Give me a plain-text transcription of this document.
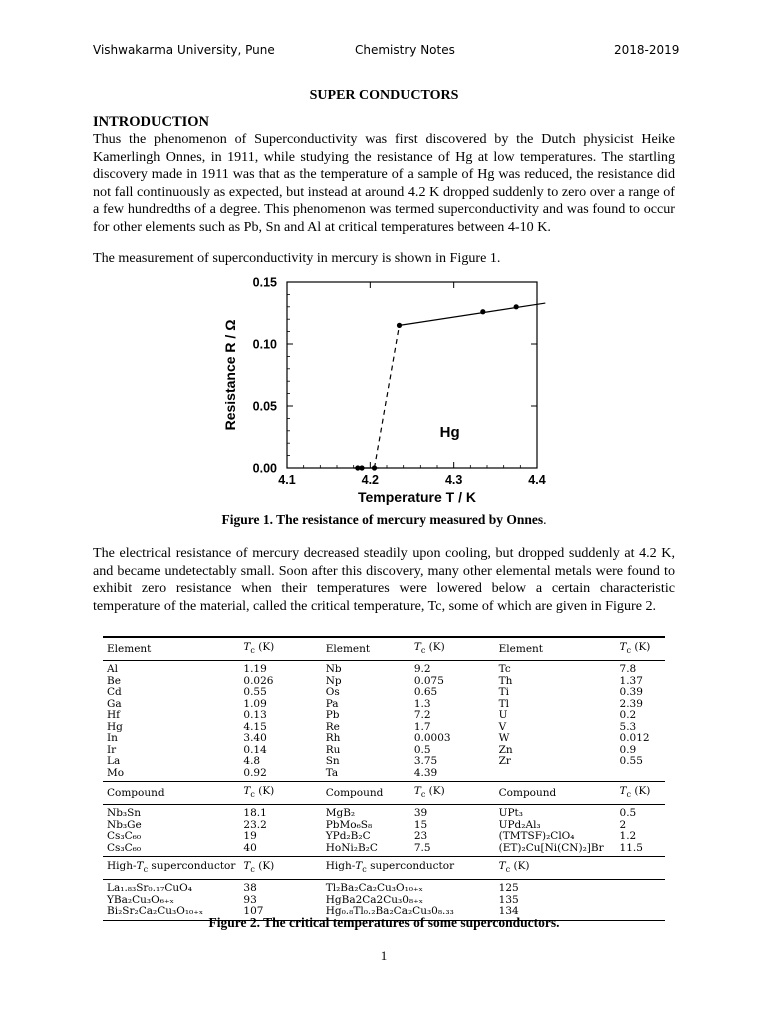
Vishwakarma University, Pune	Chemistry Notes	2018-2019
SUPER CONDUCTORS
INTRODUCTION
Thus the phenomenon of Superconductivity was first discovered by the Dutch physicist Heike Kamerlingh Onnes, in 1911, while studying the resistance of Hg at low temperatures. The startling discovery made in 1911 was that as the temperature of a sample of Hg was reduced, the resistance did not fall continuously as expected, but instead at around 4.2 K dropped suddenly to zero over a range of a few hundredths of a degree. This phenomenon was termed superconductivity and was found to occur for other elements such as Pb, Sn and Al at critical temperatures between 4-10 K.
The measurement of superconductivity in mercury is shown in Figure 1.
4.1	4.2	4.3	4.4
0.00
0.05
0.10
0.15
Temperature T / K
Resistance R / Ω
Hg
Figure 1. The resistance of mercury measured by Onnes.
The electrical resistance of mercury decreased steadily upon cooling, but dropped suddenly at 4.2 K, and became undetectably small. Soon after this discovery, many other elemental metals were found to exhibit zero resistance when their temperatures were lowered below a certain characteristic temperature of the material, called the critical temperature, Tc, some of which are given in Figure 2.
Element	$T_c$ (K)	Element	$T_c$ (K)	Element	$T_c$ (K)
Al	1.19	Nb	9.2	Tc	7.8
Be	0.026	Np	0.075	Th	1.37
Cd	0.55	Os	0.65	Ti	0.39
Ga	1.09	Pa	1.3	Tl	2.39
Hf	0.13	Pb	7.2	U	0.2
Hg	4.15	Re	1.7	V	5.3
In	3.40	Rh	0.0003	W	0.012
Ir	0.14	Ru	0.5	Zn	0.9
La	4.8	Sn	3.75	Zr	0.55
Mo	0.92	Ta	4.39		
Compound	$T_c$ (K)	Compound	$T_c$ (K)	Compound	$T_c$ (K)
Nb₃Sn	18.1	MgB₂	39	UPt₃	0.5
Nb₃Ge	23.2	PbMo₆S₈	15	UPd₂Al₃	2
Cs₃C₆₀	19	YPd₂B₂C	23	(TMTSF)₂ClO₄	1.2
Cs₃C₆₀	40	HoNi₂B₂C	7.5	(ET)₂Cu[Ni(CN)₂]Br	11.5
High-$T_c$ superconductor	$T_c$ (K)	High-$T_c$ superconductor		$T_c$ (K)	
La₁.₈₃Sr₀.₁₇CuO₄	38	Tl₂Ba₂Ca₂Cu₃O₁₀₊ₓ		125	
YBa₂Cu₃O₆₊ₓ	93	HgBa2Ca2Cu₃0₈₊ₓ		135	
Bi₂Sr₂Ca₂Cu₃O₁₀₊ₓ	107	Hg₀.₈Tl₀.₂Ba₂Ca₂Cu₃0₈.₃₃		134	
Figure 2. The critical temperatures of some superconductors.
1
